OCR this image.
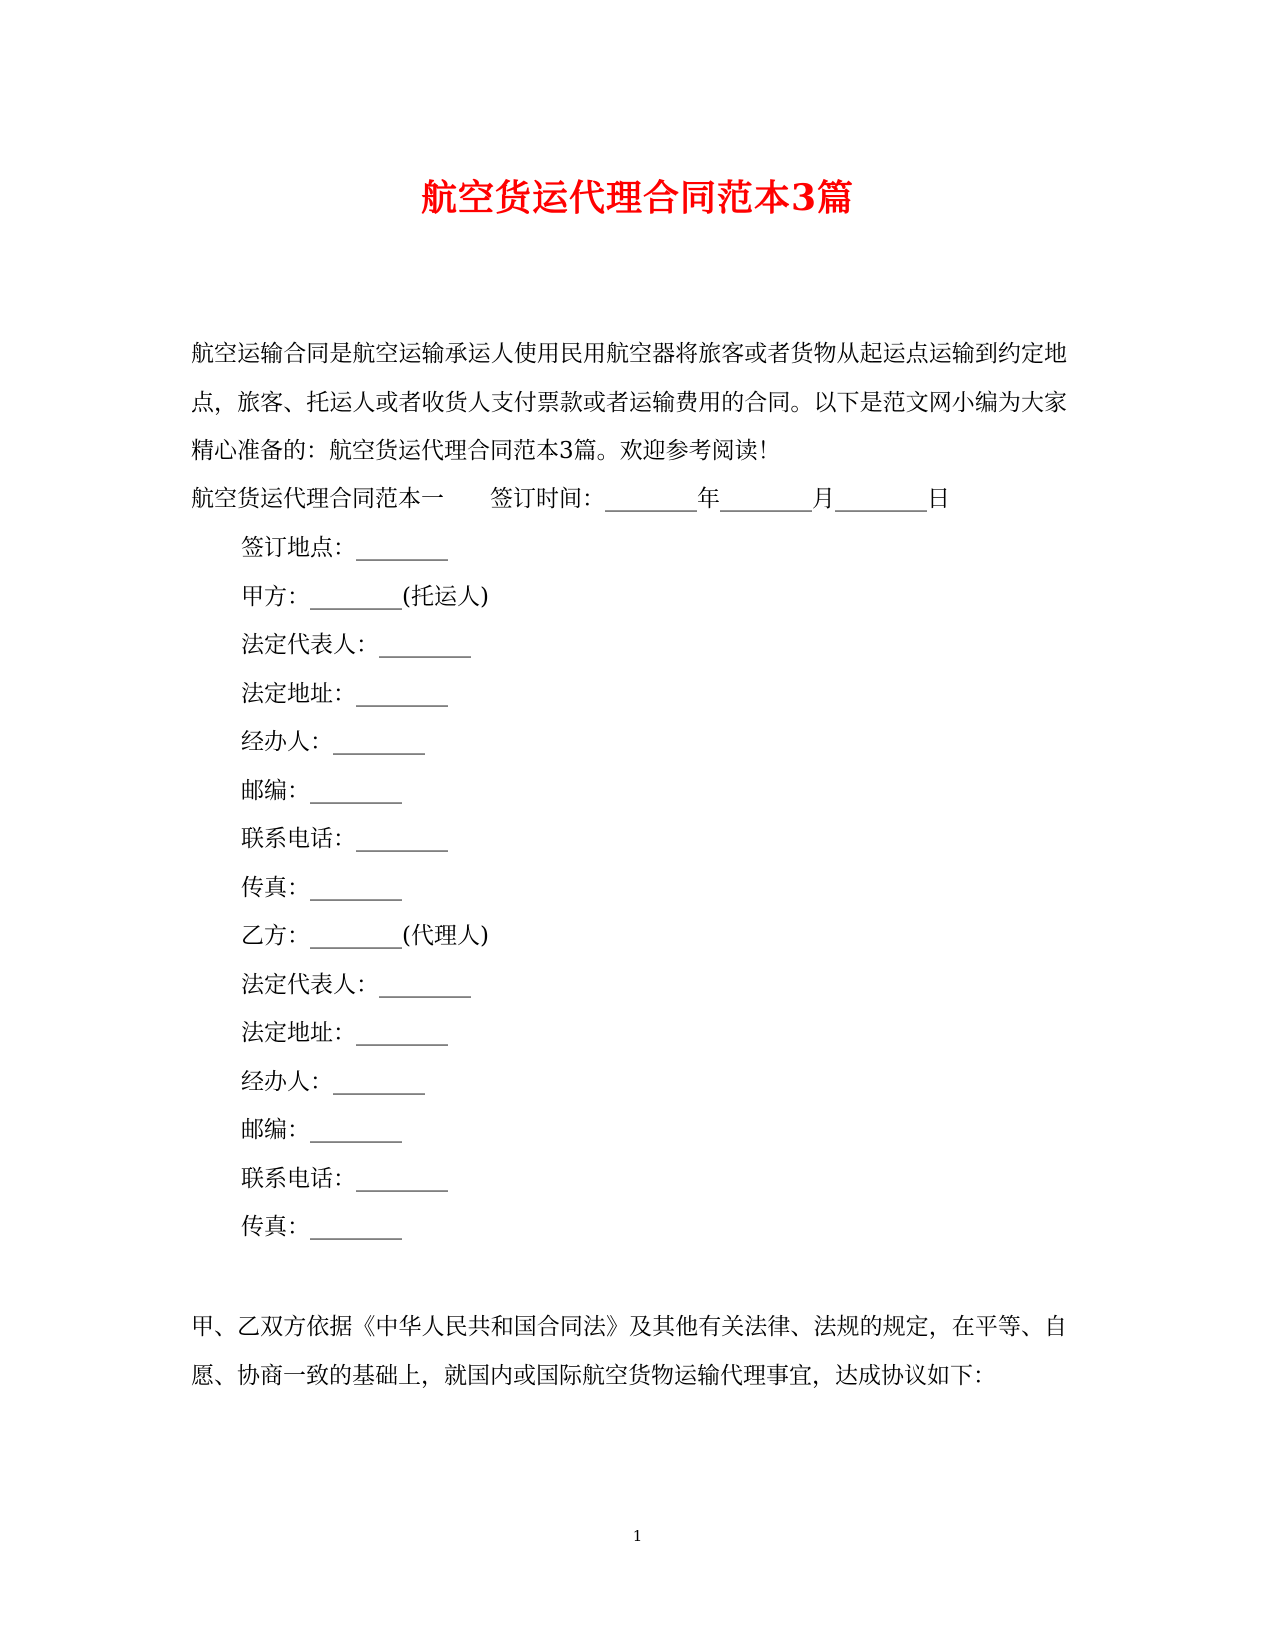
航空货运代理合同范本3篇
航空运输合同是航空运输承运人使用民用航空器将旅客或者货物从起运点运输到约定地点，旅客、托运人或者收货人支付票款或者运输费用的合同。以下是范文网小编为大家精心准备的：航空货运代理合同范本3篇。欢迎参考阅读！
航空货运代理合同范本一　　签订时间：________年________月________日
签订地点：________
甲方：________(托运人)
法定代表人：________
法定地址：________
经办人：________
邮编：________
联系电话：________
传真：________
乙方：________(代理人)
法定代表人：________
法定地址：________
经办人：________
邮编：________
联系电话：________
传真：________
甲、乙双方依据《中华人民共和国合同法》及其他有关法律、法规的规定，在平等、自愿、协商一致的基础上，就国内或国际航空货物运输代理事宜，达成协议如下：
1
